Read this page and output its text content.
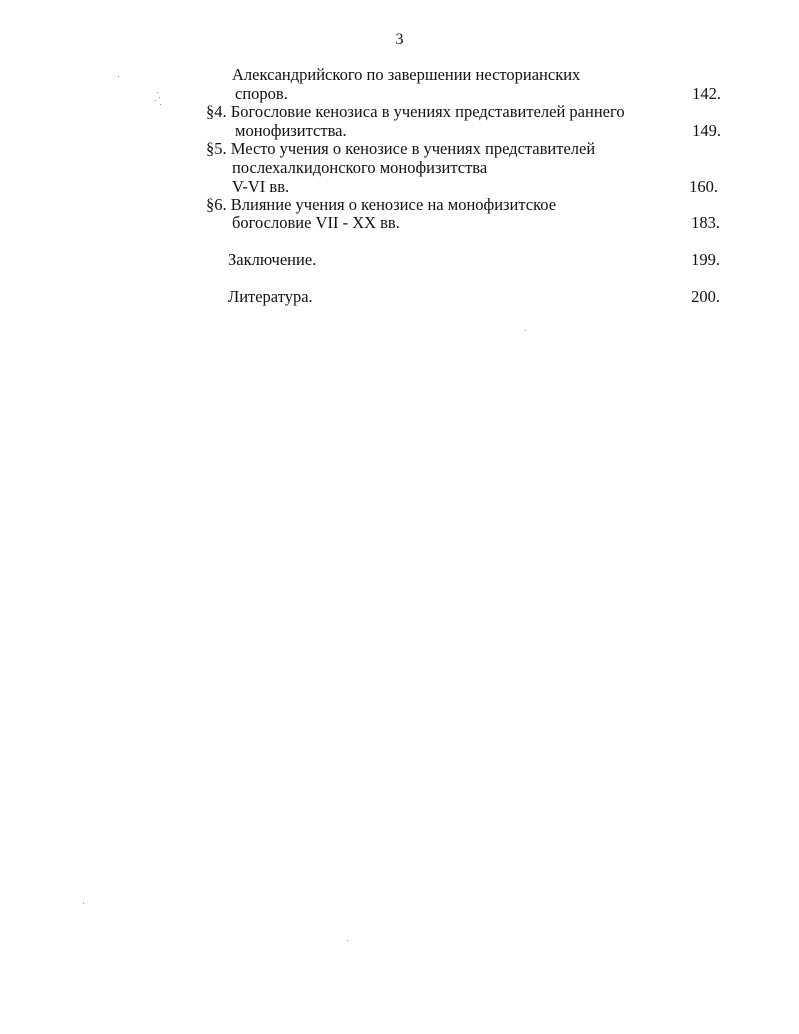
3
Александрийского по завершении несторианских
споров.	142.
§4. Богословие кенозиса в учениях представителей раннего
монофизитства.	149.
§5. Место учения о кенозисе в учениях представителей
послехалкидонского монофизитства
V-VI вв.	160.
§6. Влияние учения о кенозисе на монофизитское
богословие VII - XX вв.	183.
Заключение.	199.
Литература.	200.
